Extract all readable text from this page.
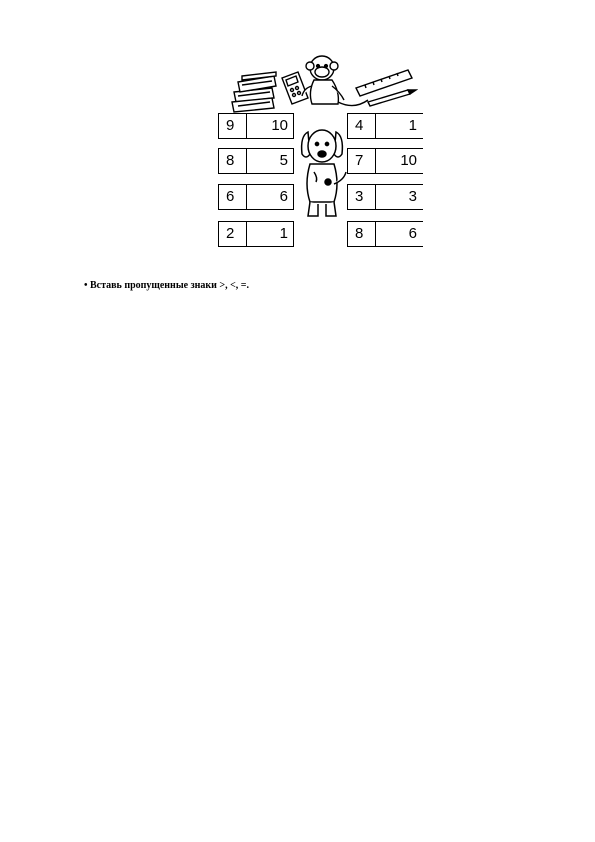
9 10
8	5
6	6
2	1
4	1
7 10
3	3
8	6
• Вставь пропущенные знаки >, <, =.
